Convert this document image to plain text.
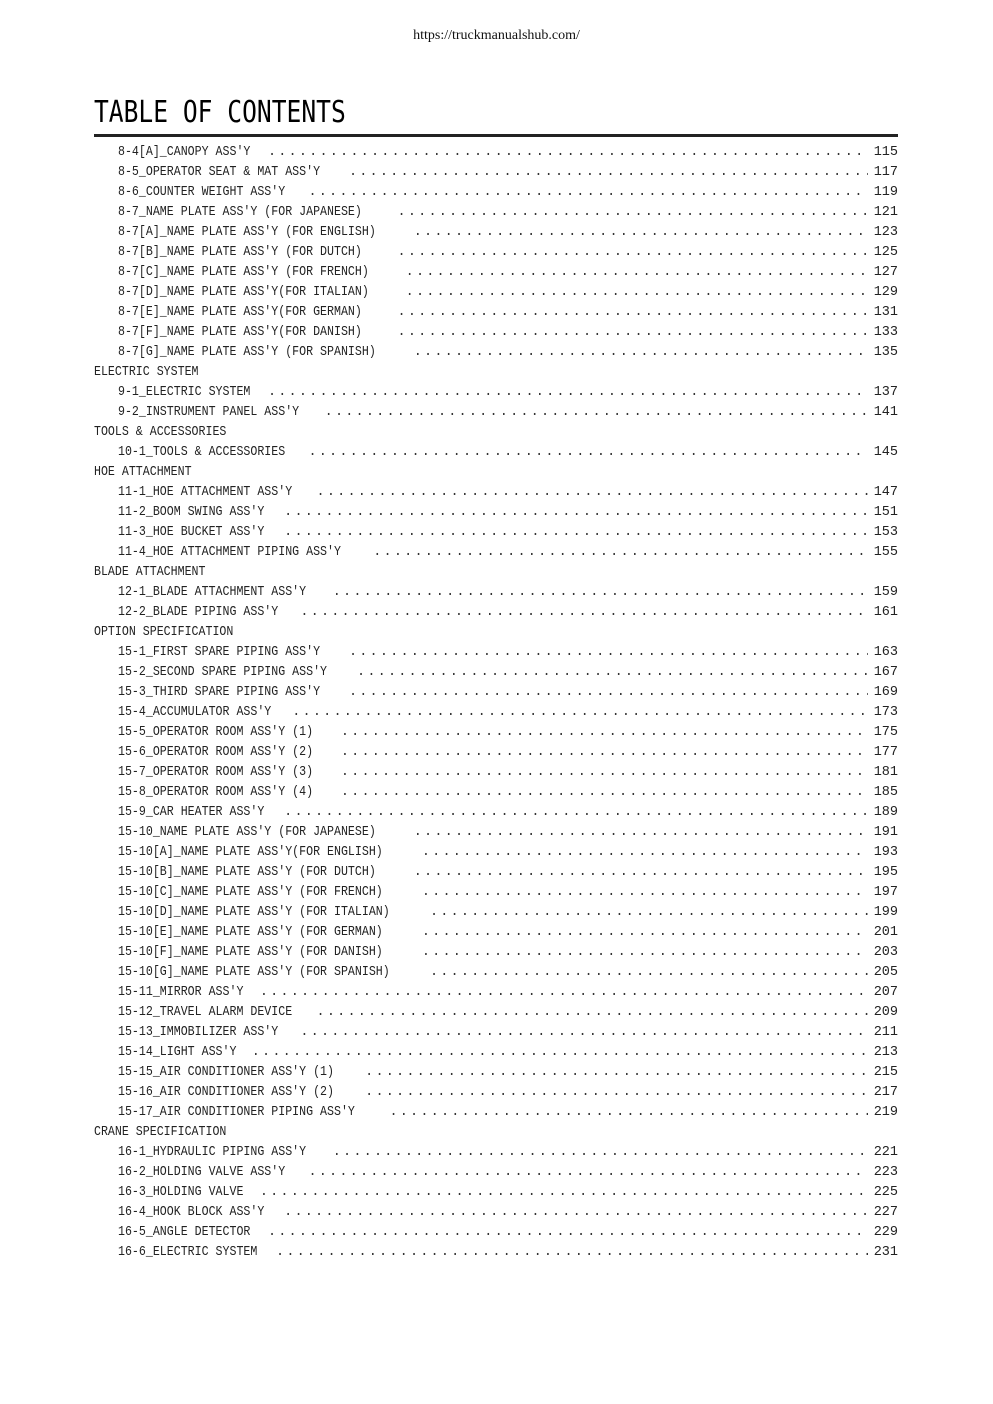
https://truckmanualshub.com/
TABLE OF CONTENTS
8-4[A]_CANOPY ASS'Y .....	115
8-5_OPERATOR SEAT & MAT ASS'Y .....	117
8-6_COUNTER WEIGHT ASS'Y .....	119
8-7_NAME PLATE ASS'Y (FOR JAPANESE) .....	121
8-7[A]_NAME PLATE ASS'Y (FOR ENGLISH) .....	123
8-7[B]_NAME PLATE ASS'Y (FOR DUTCH) .....	125
8-7[C]_NAME PLATE ASS'Y (FOR FRENCH) .....	127
8-7[D]_NAME PLATE ASS'Y(FOR ITALIAN) .....	129
8-7[E]_NAME PLATE ASS'Y(FOR GERMAN) .....	131
8-7[F]_NAME PLATE ASS'Y(FOR DANISH) .....	133
8-7[G]_NAME PLATE ASS'Y (FOR SPANISH) .....	135
ELECTRIC SYSTEM
9-1_ELECTRIC SYSTEM .....	137
9-2_INSTRUMENT PANEL ASS'Y .....	141
TOOLS & ACCESSORIES
10-1_TOOLS & ACCESSORIES .....	145
HOE ATTACHMENT
11-1_HOE ATTACHMENT ASS'Y .....	147
11-2_BOOM SWING ASS'Y .....	151
11-3_HOE BUCKET ASS'Y .....	153
11-4_HOE ATTACHMENT PIPING ASS'Y .....	155
BLADE ATTACHMENT
12-1_BLADE ATTACHMENT ASS'Y .....	159
12-2_BLADE PIPING ASS'Y .....	161
OPTION SPECIFICATION
15-1_FIRST SPARE PIPING ASS'Y .....	163
15-2_SECOND SPARE PIPING ASS'Y .....	167
15-3_THIRD SPARE PIPING ASS'Y .....	169
15-4_ACCUMULATOR ASS'Y .....	173
15-5_OPERATOR ROOM ASS'Y (1) .....	175
15-6_OPERATOR ROOM ASS'Y (2) .....	177
15-7_OPERATOR ROOM ASS'Y (3) .....	181
15-8_OPERATOR ROOM ASS'Y (4) .....	185
15-9_CAR HEATER ASS'Y .....	189
15-10_NAME PLATE ASS'Y (FOR JAPANESE) .....	191
15-10[A]_NAME PLATE ASS'Y(FOR ENGLISH) .....	193
15-10[B]_NAME PLATE ASS'Y (FOR DUTCH) .....	195
15-10[C]_NAME PLATE ASS'Y (FOR FRENCH) .....	197
15-10[D]_NAME PLATE ASS'Y (FOR ITALIAN) .....	199
15-10[E]_NAME PLATE ASS'Y (FOR GERMAN) .....	201
15-10[F]_NAME PLATE ASS'Y (FOR DANISH) .....	203
15-10[G]_NAME PLATE ASS'Y (FOR SPANISH) .....	205
15-11_MIRROR ASS'Y .....	207
15-12_TRAVEL ALARM DEVICE .....	209
15-13_IMMOBILIZER ASS'Y .....	211
15-14_LIGHT ASS'Y .....	213
15-15_AIR CONDITIONER ASS'Y (1) .....	215
15-16_AIR CONDITIONER ASS'Y (2) .....	217
15-17_AIR CONDITIONER PIPING ASS'Y .....	219
CRANE SPECIFICATION
16-1_HYDRAULIC PIPING ASS'Y .....	221
16-2_HOLDING VALVE ASS'Y .....	223
16-3_HOLDING VALVE .....	225
16-4_HOOK BLOCK ASS'Y .....	227
16-5_ANGLE DETECTOR .....	229
16-6_ELECTRIC SYSTEM .....	231
